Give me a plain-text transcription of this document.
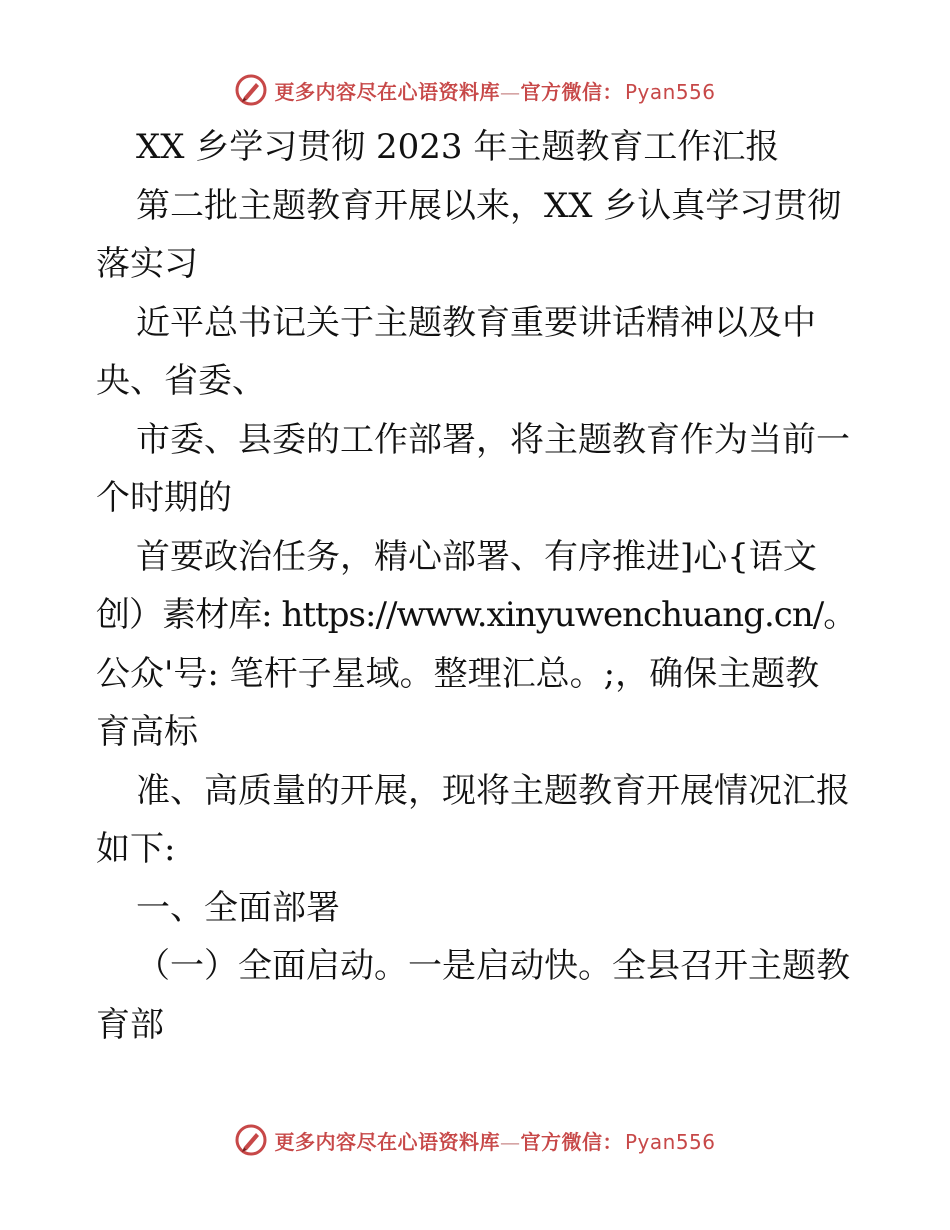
更多内容尽在心语资料库—官方微信： Pyan556
XX 乡学习贯彻 2023 年主题教育工作汇报
第二批主题教育开展以来，XX 乡认真学习贯彻
落实习
近平总书记关于主题教育重要讲话精神以及中
央、省委、
市委、县委的工作部署，将主题教育作为当前一
个时期的
首要政治任务，精心部署、有序推进]心{语文
创）素材库: https://www.xinyuwenchuang.cn/。
公众'号: 笔杆子星域。整理汇总。;，确保主题教
育高标
准、高质量的开展，现将主题教育开展情况汇报
如下:
一、全面部署
（一）全面启动。一是启动快。全县召开主题教
育部
更多内容尽在心语资料库—官方微信： Pyan556
